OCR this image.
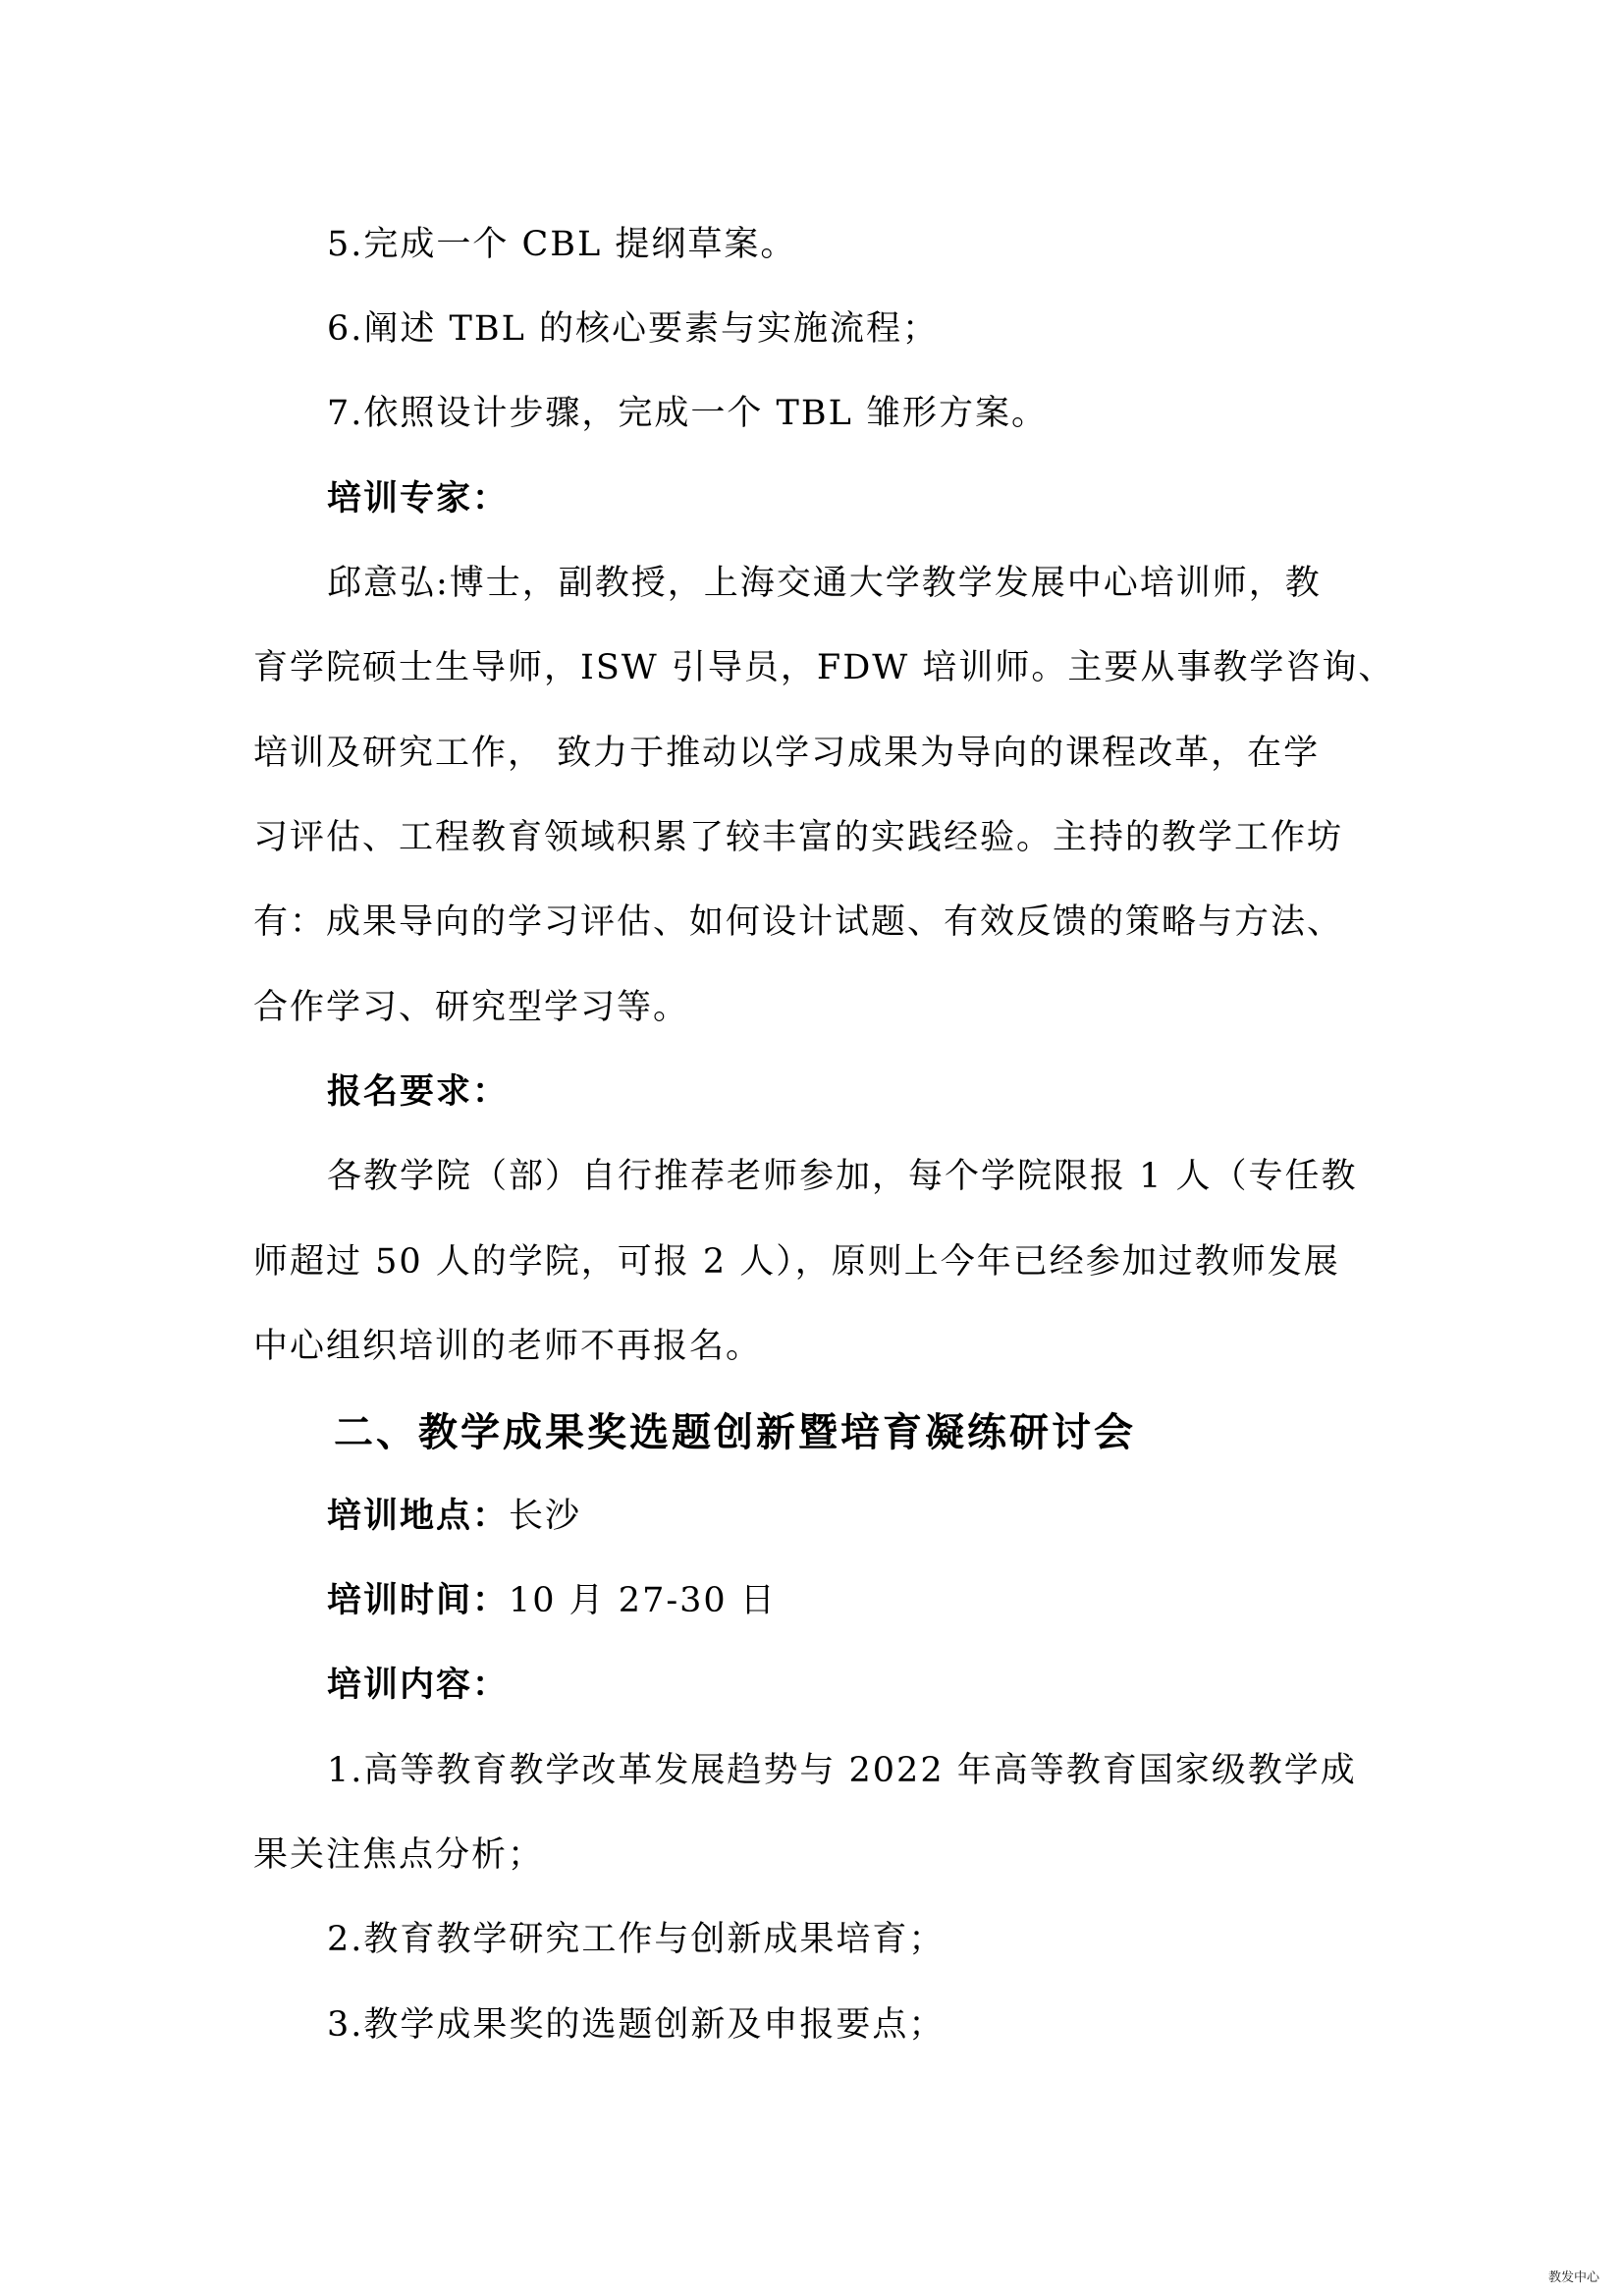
5.完成一个 CBL 提纲草案。
6.阐述 TBL 的核心要素与实施流程；
7.依照设计步骤，完成一个 TBL 雏形方案。
培训专家：
邱意弘:博士，副教授，上海交通大学教学发展中心培训师，教
育学院硕士生导师，ISW 引导员，FDW 培训师。主要从事教学咨询、
培训及研究工作， 致力于推动以学习成果为导向的课程改革，在学
习评估、工程教育领域积累了较丰富的实践经验。主持的教学工作坊
有：成果导向的学习评估、如何设计试题、有效反馈的策略与方法、
合作学习、研究型学习等。
报名要求：
各教学院（部）自行推荐老师参加，每个学院限报 1 人（专任教
师超过 50 人的学院，可报 2 人），原则上今年已经参加过教师发展
中心组织培训的老师不再报名。
二、教学成果奖选题创新暨培育凝练研讨会
培训地点：长沙
培训时间：10 月 27-30 日
培训内容：
1.高等教育教学改革发展趋势与 2022 年高等教育国家级教学成
果关注焦点分析；
2.教育教学研究工作与创新成果培育；
3.教学成果奖的选题创新及申报要点；
教发中心
